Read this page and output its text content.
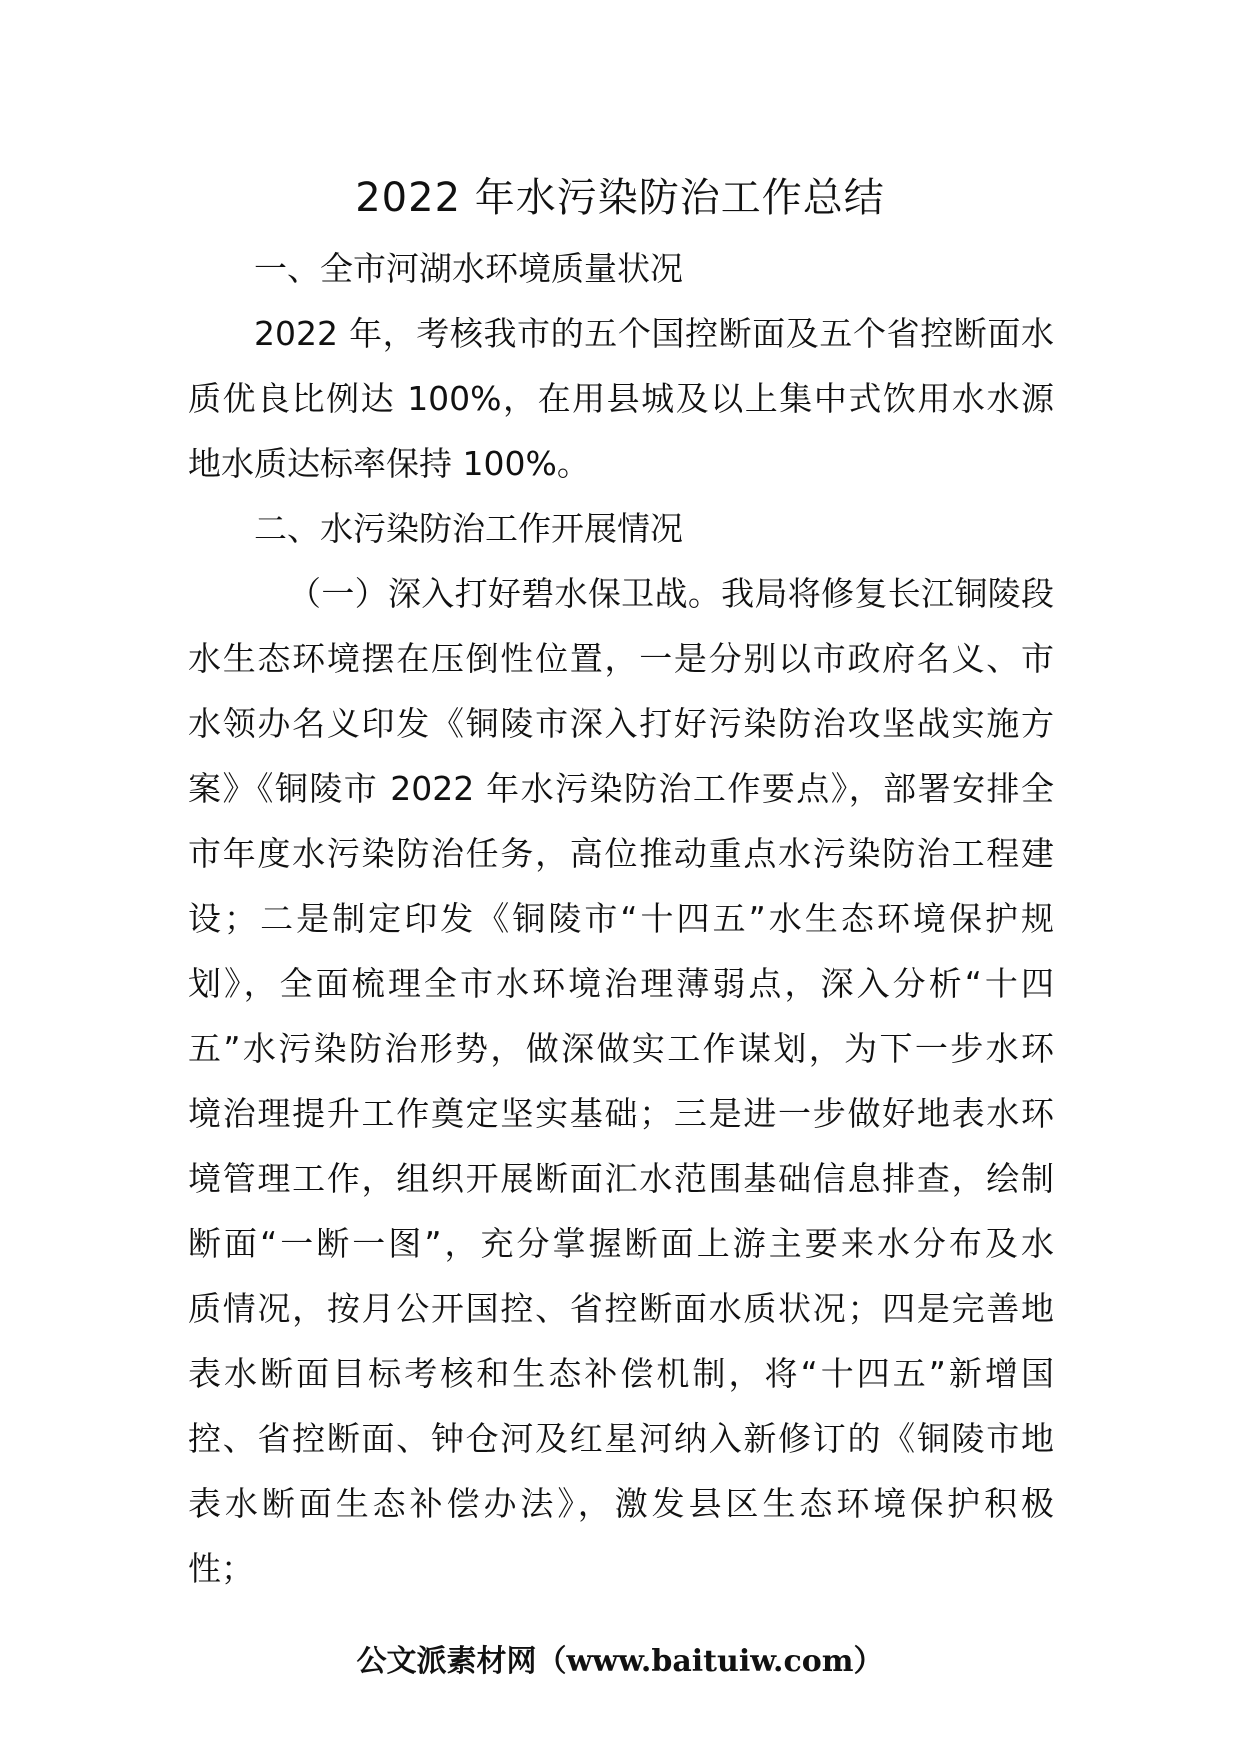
2022 年水污染防治工作总结
一、全市河湖水环境质量状况
2022 年，考核我市的五个国控断面及五个省控断面水
质优良比例达 100%，在用县城及以上集中式饮用水水源
地水质达标率保持 100%。
二、水污染防治工作开展情况
（一）深入打好碧水保卫战。我局将修复长江铜陵段
水生态环境摆在压倒性位置，一是分别以市政府名义、市
水领办名义印发《铜陵市深入打好污染防治攻坚战实施方
案》《铜陵市 2022 年水污染防治工作要点》，部署安排全
市年度水污染防治任务，高位推动重点水污染防治工程建
设；二是制定印发《铜陵市“十四五”水生态环境保护规
划》，全面梳理全市水环境治理薄弱点，深入分析“十四
五”水污染防治形势，做深做实工作谋划，为下一步水环
境治理提升工作奠定坚实基础；三是进一步做好地表水环
境管理工作，组织开展断面汇水范围基础信息排查，绘制
断面“一断一图”，充分掌握断面上游主要来水分布及水
质情况，按月公开国控、省控断面水质状况；四是完善地
表水断面目标考核和生态补偿机制，将“十四五”新增国
控、省控断面、钟仓河及红星河纳入新修订的《铜陵市地
表水断面生态补偿办法》，激发县区生态环境保护积极
性；
公文派素材网（www.baituiw.com）
